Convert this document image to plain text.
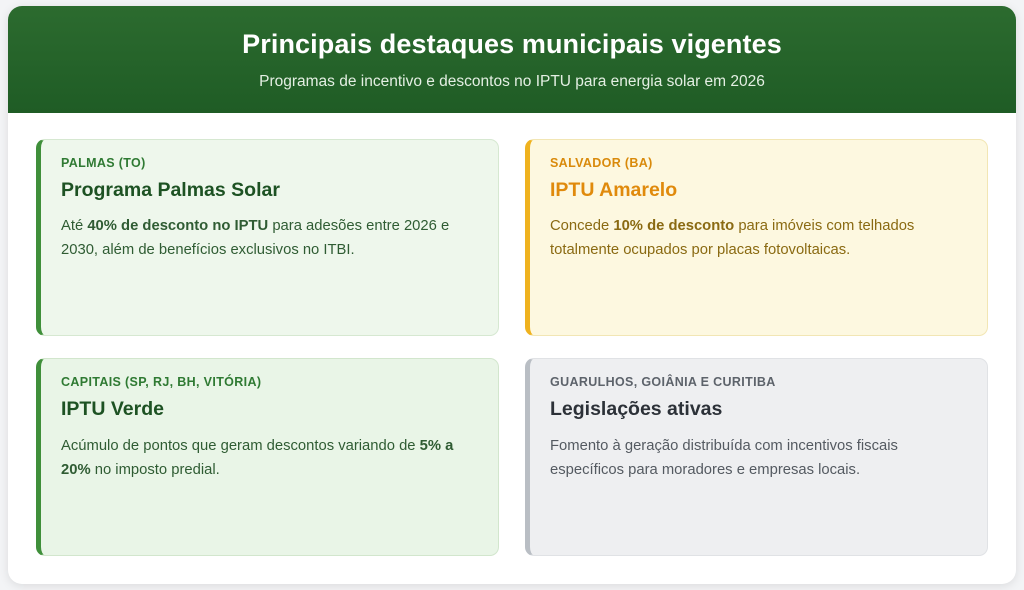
Principais destaques municipais vigentes

Programas de incentivo e descontos no IPTU para energia solar em 2026

PALMAS (TO)

Programa Palmas Solar

Até 40% de desconto no IPTU para adesões entre 2026 e 2030, além de benefícios exclusivos no ITBI.

SALVADOR (BA)

IPTU Amarelo

Concede 10% de desconto para imóveis com telhados totalmente ocupados por placas fotovoltaicas.

CAPITAIS (SP, RJ, BH, VITÓRIA)

IPTU Verde

Acúmulo de pontos que geram descontos variando de 5% a 20% no imposto predial.

GUARULHOS, GOIÂNIA E CURITIBA

Legislações ativas

Fomento à geração distribuída com incentivos fiscais específicos para moradores e empresas locais.
